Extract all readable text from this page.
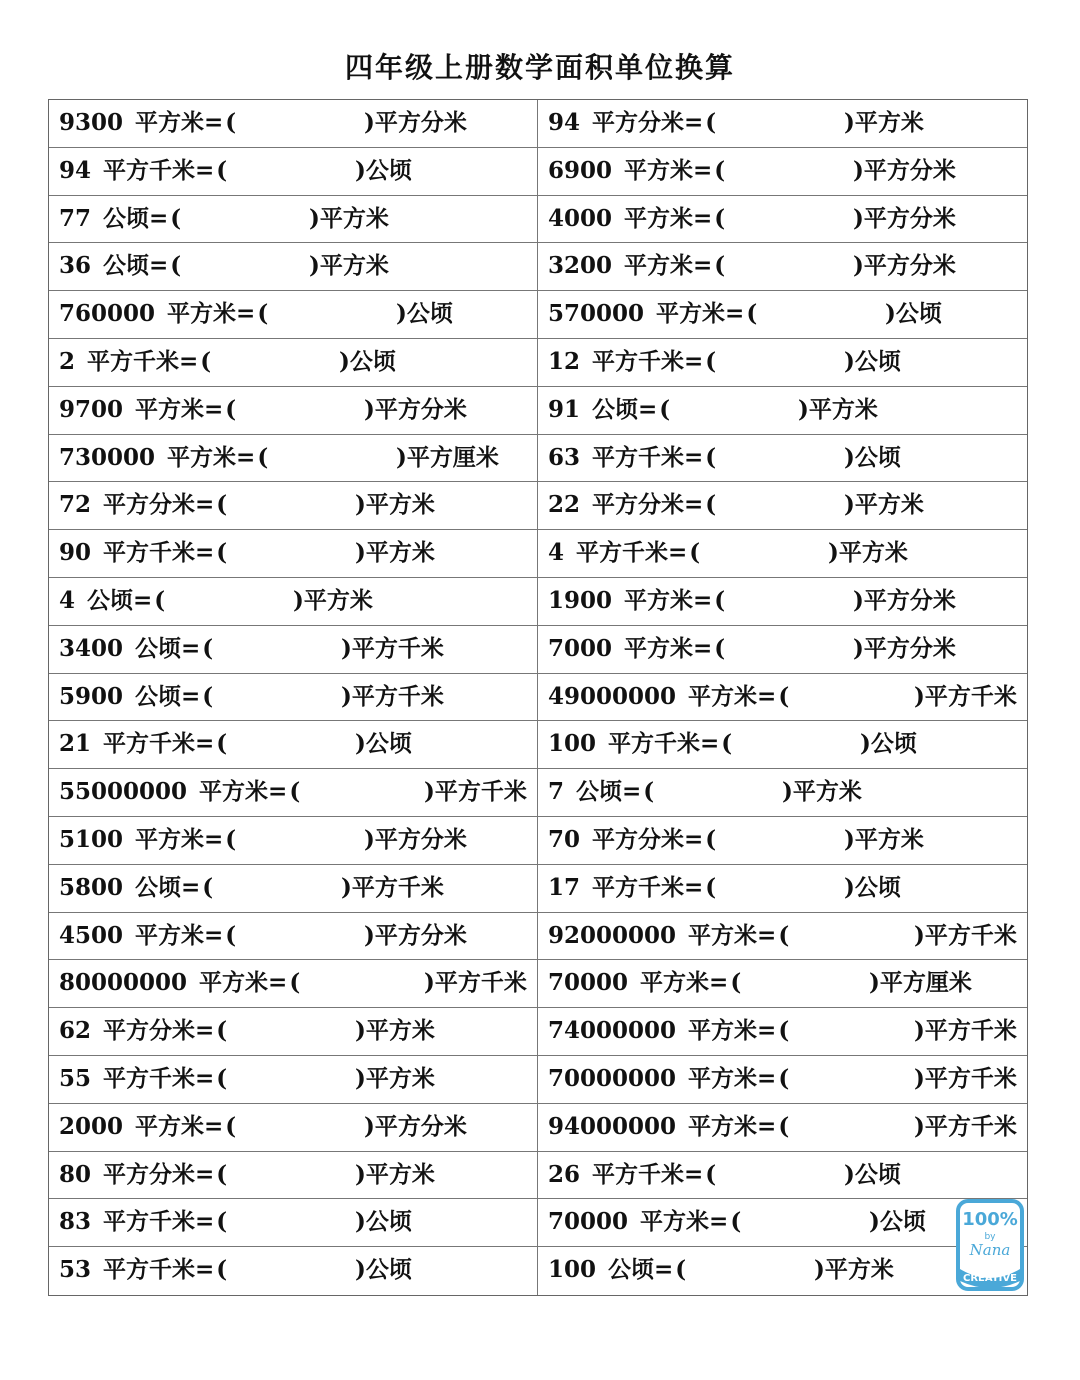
四年级上册数学面积单位换算
9300 平方米=(	)平方分米	94 平方分米=(	)平方米
94 平方千米=(	)公顷	6900 平方米=(	)平方分米
77 公顷=(	)平方米	4000 平方米=(	)平方分米
36 公顷=(	)平方米	3200 平方米=(	)平方分米
760000 平方米=(	)公顷	570000 平方米=(	)公顷
2 平方千米=(	)公顷	12 平方千米=(	)公顷
9700 平方米=(	)平方分米	91 公顷=(	)平方米
730000 平方米=(	)平方厘米 63 平方千米=(	)公顷
72 平方分米=(	)平方米	22 平方分米=(	)平方米
90 平方千米=(	)平方米	4 平方千米=(	)平方米
4 公顷=(	)平方米	1900 平方米=(	)平方分米
3400 公顷=(	)平方千米	7000 平方米=(	)平方分米
5900 公顷=(	)平方千米	49000000 平方米=(	)平方千米
21 平方千米=(	)公顷	100 平方千米=(	)公顷
55000000 平方米=(	)平方千米 7 公顷=(	)平方米
5100 平方米=(	)平方分米	70 平方分米=(	)平方米
5800 公顷=(	)平方千米	17 平方千米=(	)公顷
4500 平方米=(	)平方分米	92000000 平方米=(	)平方千米
80000000 平方米=(	)平方千米 70000 平方米=(	)平方厘米
62 平方分米=(	)平方米	74000000 平方米=(	)平方千米
55 平方千米=(	)平方米	70000000 平方米=(	)平方千米
2000 平方米=(	)平方分米	94000000 平方米=(	)平方千米
80 平方分米=(	)平方米	26 平方千米=(	)公顷
83 平方千米=(	)公顷	70000 平方米=(	)公顷
53 平方千米=(	)公顷	100 公顷=(	)平方米
100%
by
Nana
CREATIVE
